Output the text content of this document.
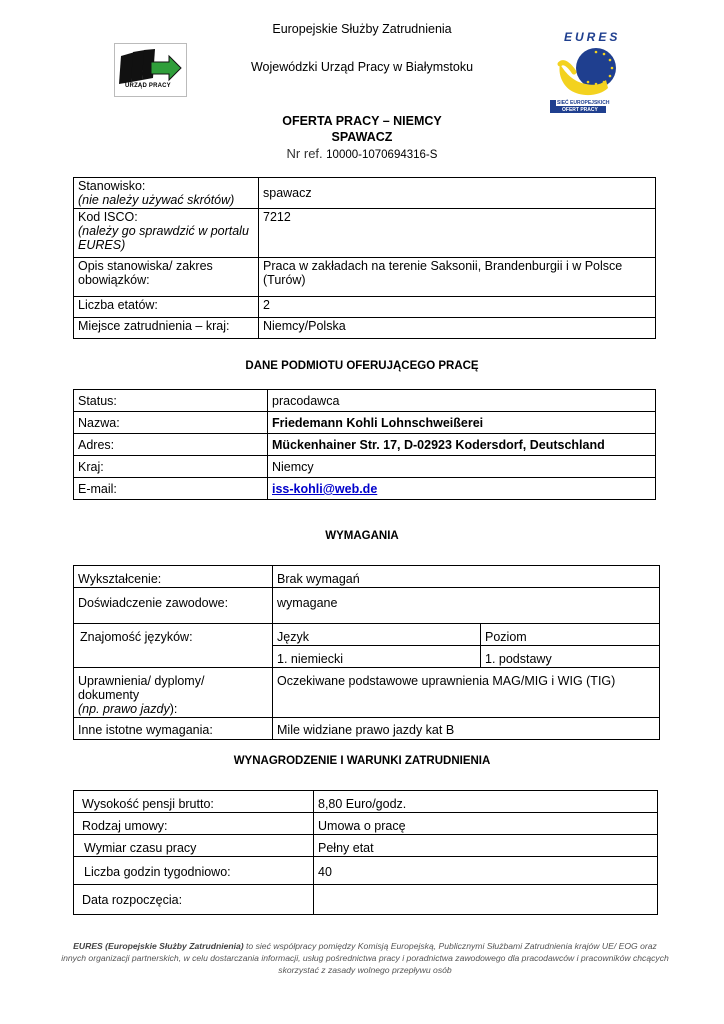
Europejskie Służby Zatrudnienia
Wojewódzki Urząd Pracy w Białymstoku
URZĄD PRACY
EURES
SIEĆ EUROPEJSKICH
OFERT PRACY
OFERTA PRACY – NIEMCY
SPAWACZ
Nr ref. 10000-1070694316-S
Stanowisko:
(nie należy używać skrótów)	spawacz

Kod ISCO:
(należy go sprawdzić w portalu EURES)	7212
Opis stanowiska/ zakres obowiązków:	Praca w zakładach na terenie Saksonii, Brandenburgii i w Polsce (Turów)
Liczba etatów:	2
Miejsce zatrudnienia – kraj:	Niemcy/Polska
DANE PODMIOTU OFERUJĄCEGO PRACĘ
Status:	pracodawca
Nazwa:	Friedemann Kohli Lohnschweißerei
Adres:	Mückenhainer Str. 17, D-02923 Kodersdorf, Deutschland
Kraj:	Niemcy
E-mail:	iss-kohli@web.de
WYMAGANIA
Wykształcenie:	Brak wymagań	
Doświadczenie zawodowe:	wymagane	
Znajomość języków:	Język	Poziom
	1. niemiecki	1. podstawy

Uprawnienia/ dyplomy/ dokumenty
(np. prawo jazdy):	Oczekiwane podstawowe uprawnienia MAG/MIG i WIG (TIG)	
Inne istotne wymagania:	Mile widziane prawo jazdy kat B	
WYNAGRODZENIE I WARUNKI ZATRUDNIENIA
Wysokość pensji brutto:	8,80 Euro/godz.
Rodzaj umowy:	Umowa o pracę
Wymiar czasu pracy	Pełny etat
Liczba godzin tygodniowo:	40
Data rozpoczęcia:	
EURES (Europejskie Służby Zatrudnienia) to sieć współpracy pomiędzy Komisją Europejską, Publicznymi Służbami Zatrudnienia krajów UE/ EOG oraz innych organizacji partnerskich, w celu dostarczania informacji, usług pośrednictwa pracy i poradnictwa zawodowego dla pracodawców i pracowników chcących skorzystać z zasady wolnego przepływu osób
